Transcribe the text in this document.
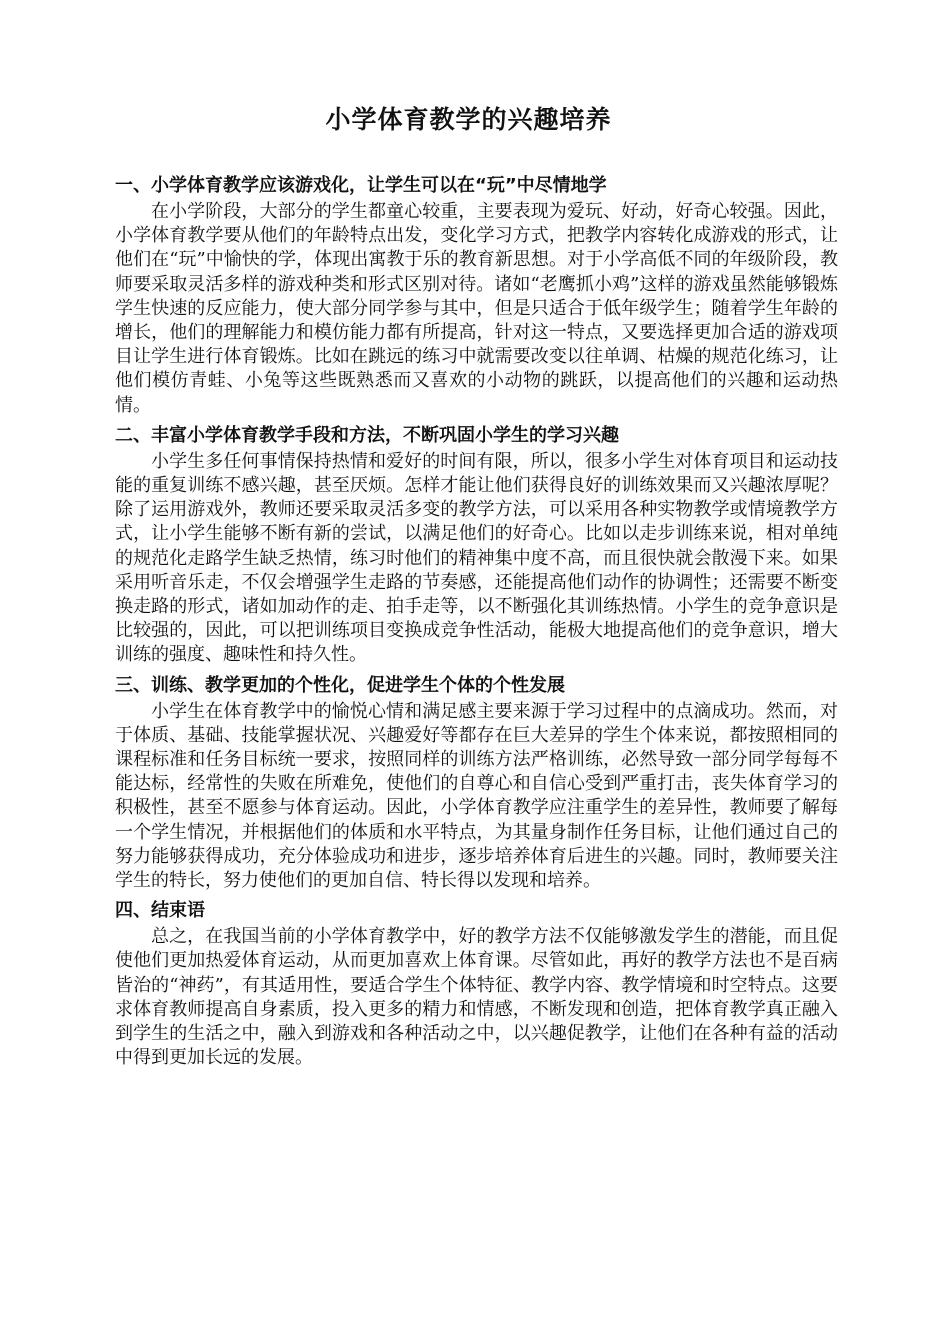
小学体育教学的兴趣培养
一、小学体育教学应该游戏化，让学生可以在“玩”中尽情地学

在小学阶段，大部分的学生都童心较重，主要表现为爱玩、好动，好奇心较强。因此，小学体育教学要从他们的年龄特点出发，变化学习方式，把教学内容转化成游戏的形式，让他们在“玩”中愉快的学，体现出寓教于乐的教育新思想。对于小学高低不同的年级阶段，教师要采取灵活多样的游戏种类和形式区别对待。诸如“老鹰抓小鸡”这样的游戏虽然能够锻炼学生快速的反应能力，使大部分同学参与其中，但是只适合于低年级学生；随着学生年龄的增长，他们的理解能力和模仿能力都有所提高，针对这一特点，又要选择更加合适的游戏项目让学生进行体育锻炼。比如在跳远的练习中就需要改变以往单调、枯燥的规范化练习，让他们模仿青蛙、小兔等这些既熟悉而又喜欢的小动物的跳跃，以提高他们的兴趣和运动热情。

二、丰富小学体育教学手段和方法，不断巩固小学生的学习兴趣

小学生多任何事情保持热情和爱好的时间有限，所以，很多小学生对体育项目和运动技能的重复训练不感兴趣，甚至厌烦。怎样才能让他们获得良好的训练效果而又兴趣浓厚呢？除了运用游戏外，教师还要采取灵活多变的教学方法，可以采用各种实物教学或情境教学方式，让小学生能够不断有新的尝试，以满足他们的好奇心。比如以走步训练来说，相对单纯的规范化走路学生缺乏热情，练习时他们的精神集中度不高，而且很快就会散漫下来。如果采用听音乐走，不仅会增强学生走路的节奏感，还能提高他们动作的协调性；还需要不断变换走路的形式，诸如加动作的走、拍手走等，以不断强化其训练热情。小学生的竞争意识是比较强的，因此，可以把训练项目变换成竞争性活动，能极大地提高他们的竞争意识，增大训练的强度、趣味性和持久性。

三、训练、教学更加的个性化，促进学生个体的个性发展

小学生在体育教学中的愉悦心情和满足感主要来源于学习过程中的点滴成功。然而，对于体质、基础、技能掌握状况、兴趣爱好等都存在巨大差异的学生个体来说，都按照相同的课程标准和任务目标统一要求，按照同样的训练方法严格训练，必然导致一部分同学每每不能达标，经常性的失败在所难免，使他们的自尊心和自信心受到严重打击，丧失体育学习的积极性，甚至不愿参与体育运动。因此，小学体育教学应注重学生的差异性，教师要了解每一个学生情况，并根据他们的体质和水平特点，为其量身制作任务目标，让他们通过自己的努力能够获得成功，充分体验成功和进步，逐步培养体育后进生的兴趣。同时，教师要关注学生的特长，努力使他们的更加自信、特长得以发现和培养。

四、结束语

总之，在我国当前的小学体育教学中，好的教学方法不仅能够激发学生的潜能，而且促使他们更加热爱体育运动，从而更加喜欢上体育课。尽管如此，再好的教学方法也不是百病皆治的“神药”，有其适用性，要适合学生个体特征、教学内容、教学情境和时空特点。这要求体育教师提高自身素质，投入更多的精力和情感，不断发现和创造，把体育教学真正融入到学生的生活之中，融入到游戏和各种活动之中，以兴趣促教学，让他们在各种有益的活动中得到更加长远的发展。
